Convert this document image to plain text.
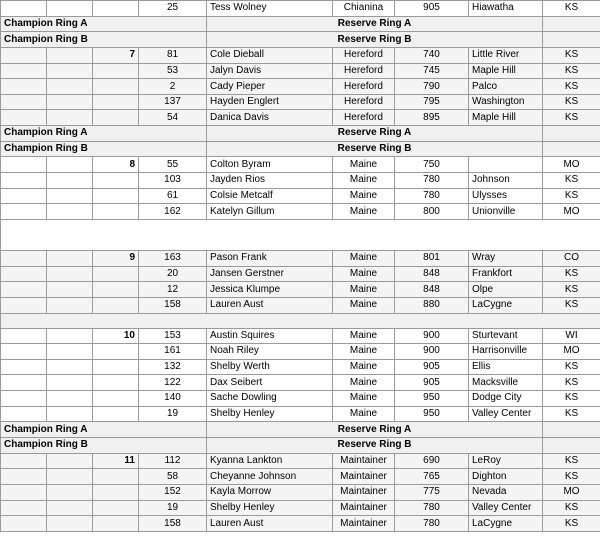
			25	Tess Wolney	Chianina	905	Hiawatha	KS
Champion Ring A				Reserve Ring A				
Champion Ring B				Reserve Ring B				
		7	81	Cole Dieball	Hereford	740	Little River	KS
			53	Jalyn Davis	Hereford	745	Maple Hill	KS
			2	Cady Pieper	Hereford	790	Palco	KS
			137	Hayden Englert	Hereford	795	Washington	KS
			54	Danica Davis	Hereford	895	Maple Hill	KS
Champion Ring A				Reserve Ring A				
Champion Ring B				Reserve Ring B				
		8	55	Colton Byram	Maine	750		MO
			103	Jayden Rios	Maine	780	Johnson	KS
			61	Colsie Metcalf	Maine	780	Ulysses	KS
			162	Katelyn Gillum	Maine	800	Unionville	MO

		9	163	Pason Frank	Maine	801	Wray	CO
			20	Jansen Gerstner	Maine	848	Frankfort	KS
			12	Jessica Klumpe	Maine	848	Olpe	KS
			158	Lauren Aust	Maine	880	LaCygne	KS

		10	153	Austin Squires	Maine	900	Sturtevant	WI
			161	Noah Riley	Maine	900	Harrisonville	MO
			132	Shelby Werth	Maine	905	Ellis	KS
			122	Dax Seibert	Maine	905	Macksville	KS
			140	Sache Dowling	Maine	950	Dodge City	KS
			19	Shelby Henley	Maine	950	Valley Center	KS
Champion Ring A				Reserve Ring A				
Champion Ring B				Reserve Ring B				
		11	112	Kyanna Lankton	Maintainer	690	LeRoy	KS
			58	Cheyanne Johnson	Maintainer	765	Dighton	KS
			152	Kayla Morrow	Maintainer	775	Nevada	MO
			19	Shelby Henley	Maintainer	780	Valley Center	KS
			158	Lauren Aust	Maintainer	780	LaCygne	KS
